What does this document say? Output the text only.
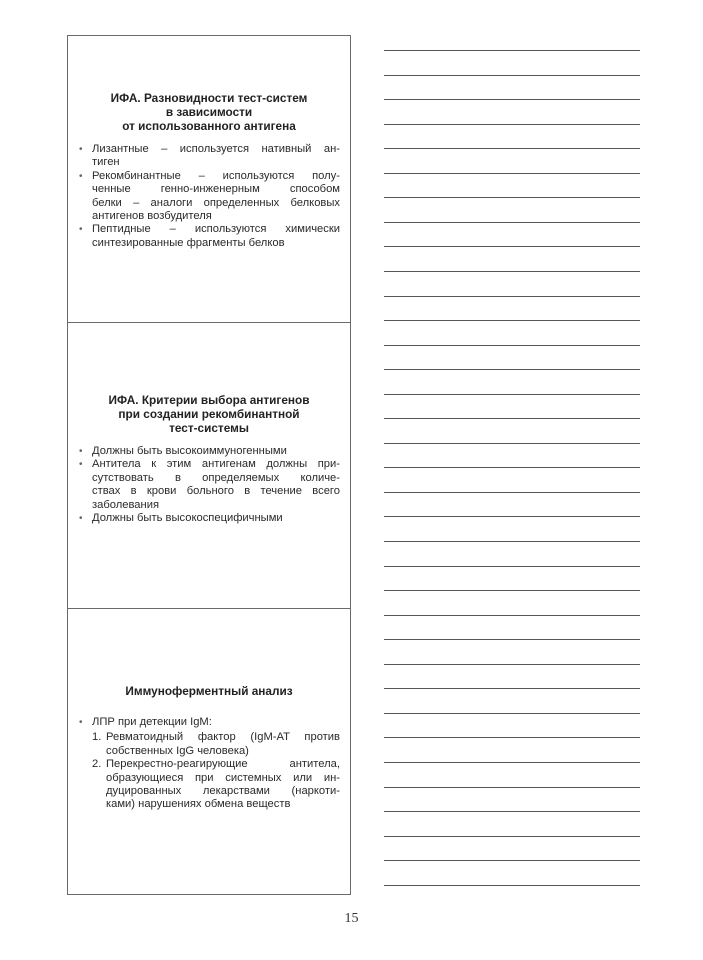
ИФА. Разновидности тест-систем
в зависимости
от использованного антигена
• Лизантные – используется нативный ан-
тиген
• Рекомбинантные – используются полу-
ченные генно-инженерным способом
белки – аналоги определенных белковых
антигенов возбудителя
• Пептидные – используются химически
синтезированные фрагменты белков
ИФА. Критерии выбора антигенов
при создании рекомбинантной
тест-системы
• Должны быть высокоиммуногенными
• Антитела к этим антигенам должны при-
сутствовать в определяемых количе-
ствах в крови больного в течение всего
заболевания
• Должны быть высокоспецифичными
Иммуноферментный анализ
• ЛПР при детекции IgM:
1. Ревматоидный фактор (IgM-AT против
собственных IgG человека)
2. Перекрестно-реагирующие антитела,
образующиеся при системных или ин-
дуцированных лекарствами (наркоти-
ками) нарушениях обмена веществ
15
